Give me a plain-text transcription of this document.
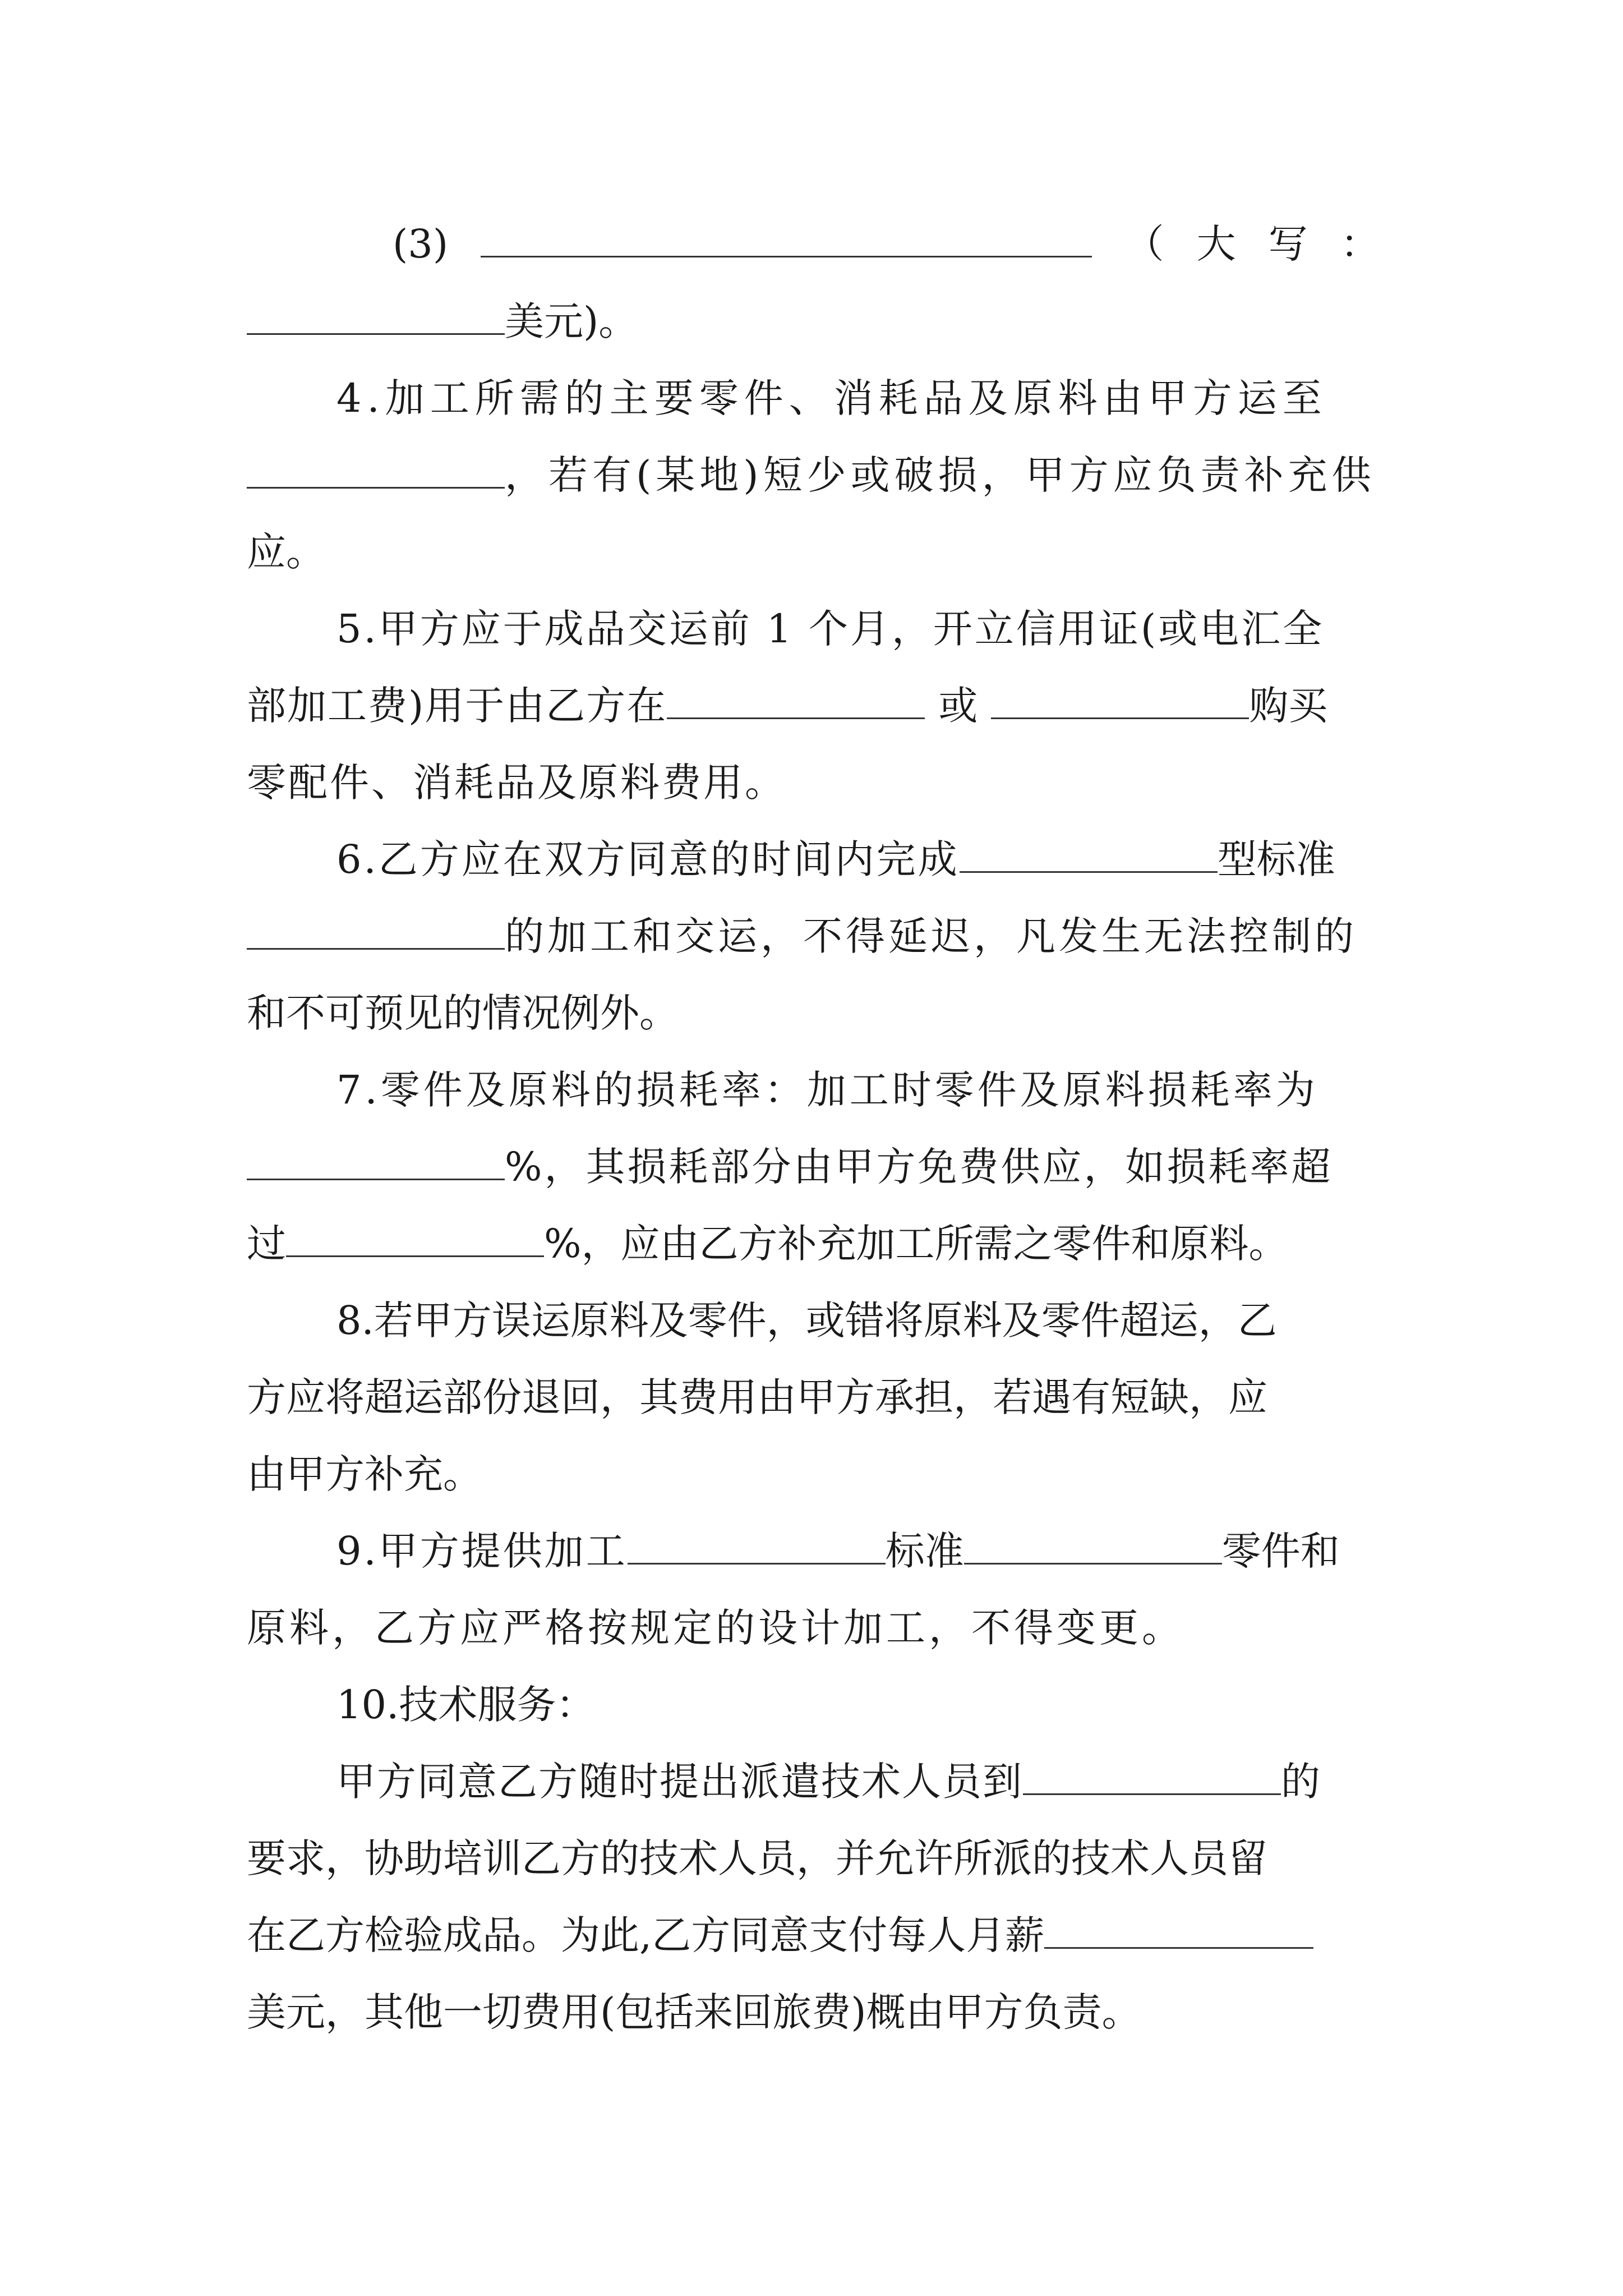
(3)	（ 大 写 ：
美元)。
4.加工所需的主要零件、消耗品及原料由甲方运至
，若有(某地)短少或破损，甲方应负责补充供
应。
5.甲方应于成品交运前 1 个月，开立信用证(或电汇全
部加工费)用于由乙方在	或	购买
零配件、消耗品及原料费用。
6.乙方应在双方同意的时间内完成	型标准
的加工和交运，不得延迟，凡发生无法控制的
和不可预见的情况例外。
7.零件及原料的损耗率：加工时零件及原料损耗率为
%，其损耗部分由甲方免费供应，如损耗率超
过	%，应由乙方补充加工所需之零件和原料。
8.若甲方误运原料及零件，或错将原料及零件超运，乙
方应将超运部份退回，其费用由甲方承担，若遇有短缺，应
由甲方补充。
9.甲方提供加工	标准	零件和
原料，乙方应严格按规定的设计加工，不得变更。
10.技术服务：
甲方同意乙方随时提出派遣技术人员到	的
要求，协助培训乙方的技术人员，并允许所派的技术人员留
在乙方检验成品。为此,乙方同意支付每人月薪
美元，其他一切费用(包括来回旅费)概由甲方负责。
